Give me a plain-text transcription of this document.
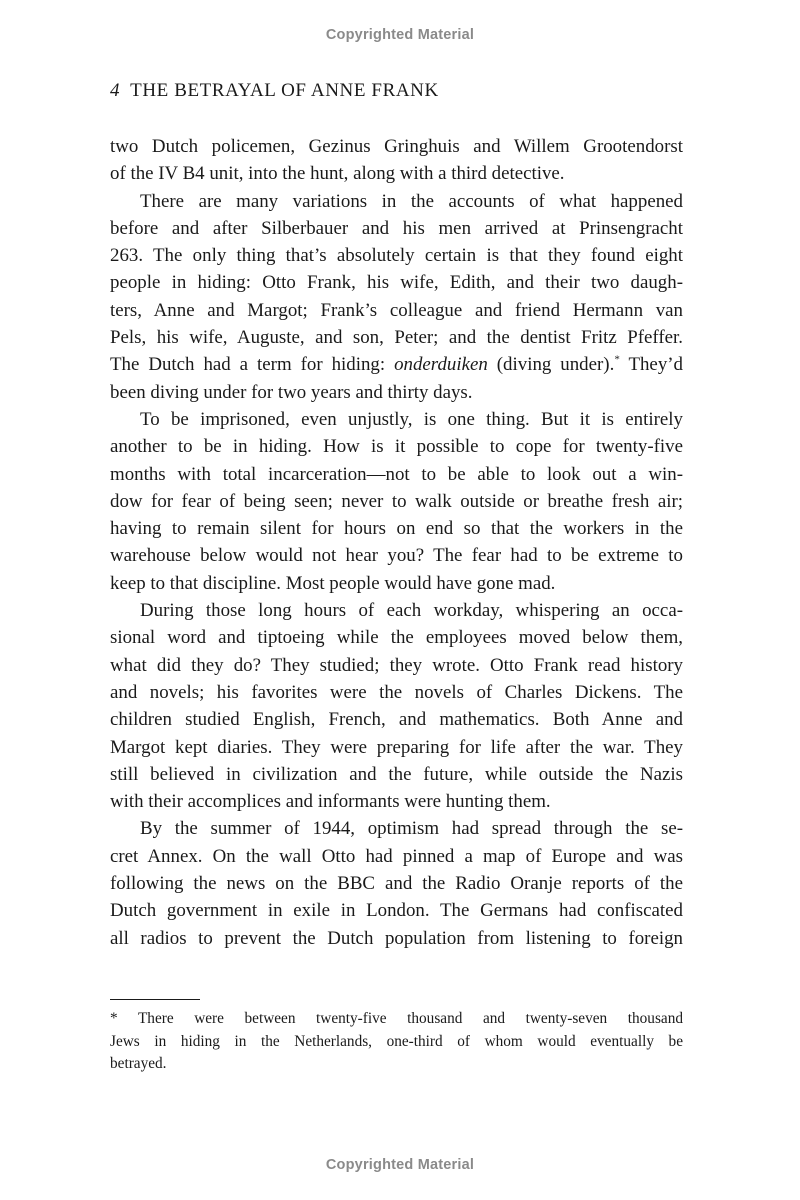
Copyrighted Material
4 THE BETRAYAL OF ANNE FRANK
two Dutch policemen, Gezinus Gringhuis and Willem Grootendorst
of the IV B4 unit, into the hunt, along with a third detective.
There are many variations in the accounts of what happened
before and after Silberbauer and his men arrived at Prinsengracht
263. The only thing that’s absolutely certain is that they found eight
people in hiding: Otto Frank, his wife, Edith, and their two daugh-
ters, Anne and Margot; Frank’s colleague and friend Hermann van
Pels, his wife, Auguste, and son, Peter; and the dentist Fritz Pfeffer.
The Dutch had a term for hiding: onderduiken (diving under).* They’d
been diving under for two years and thirty days.
To be imprisoned, even unjustly, is one thing. But it is entirely
another to be in hiding. How is it possible to cope for twenty-five
months with total incarceration—not to be able to look out a win-
dow for fear of being seen; never to walk outside or breathe fresh air;
having to remain silent for hours on end so that the workers in the
warehouse below would not hear you? The fear had to be extreme to
keep to that discipline. Most people would have gone mad.
During those long hours of each workday, whispering an occa-
sional word and tiptoeing while the employees moved below them,
what did they do? They studied; they wrote. Otto Frank read history
and novels; his favorites were the novels of Charles Dickens. The
children studied English, French, and mathematics. Both Anne and
Margot kept diaries. They were preparing for life after the war. They
still believed in civilization and the future, while outside the Nazis
with their accomplices and informants were hunting them.
By the summer of 1944, optimism had spread through the se-
cret Annex. On the wall Otto had pinned a map of Europe and was
following the news on the BBC and the Radio Oranje reports of the
Dutch government in exile in London. The Germans had confiscated
all radios to prevent the Dutch population from listening to foreign
* There were between twenty-five thousand and twenty-seven thousand
Jews in hiding in the Netherlands, one-third of whom would eventually be
betrayed.
Copyrighted Material
